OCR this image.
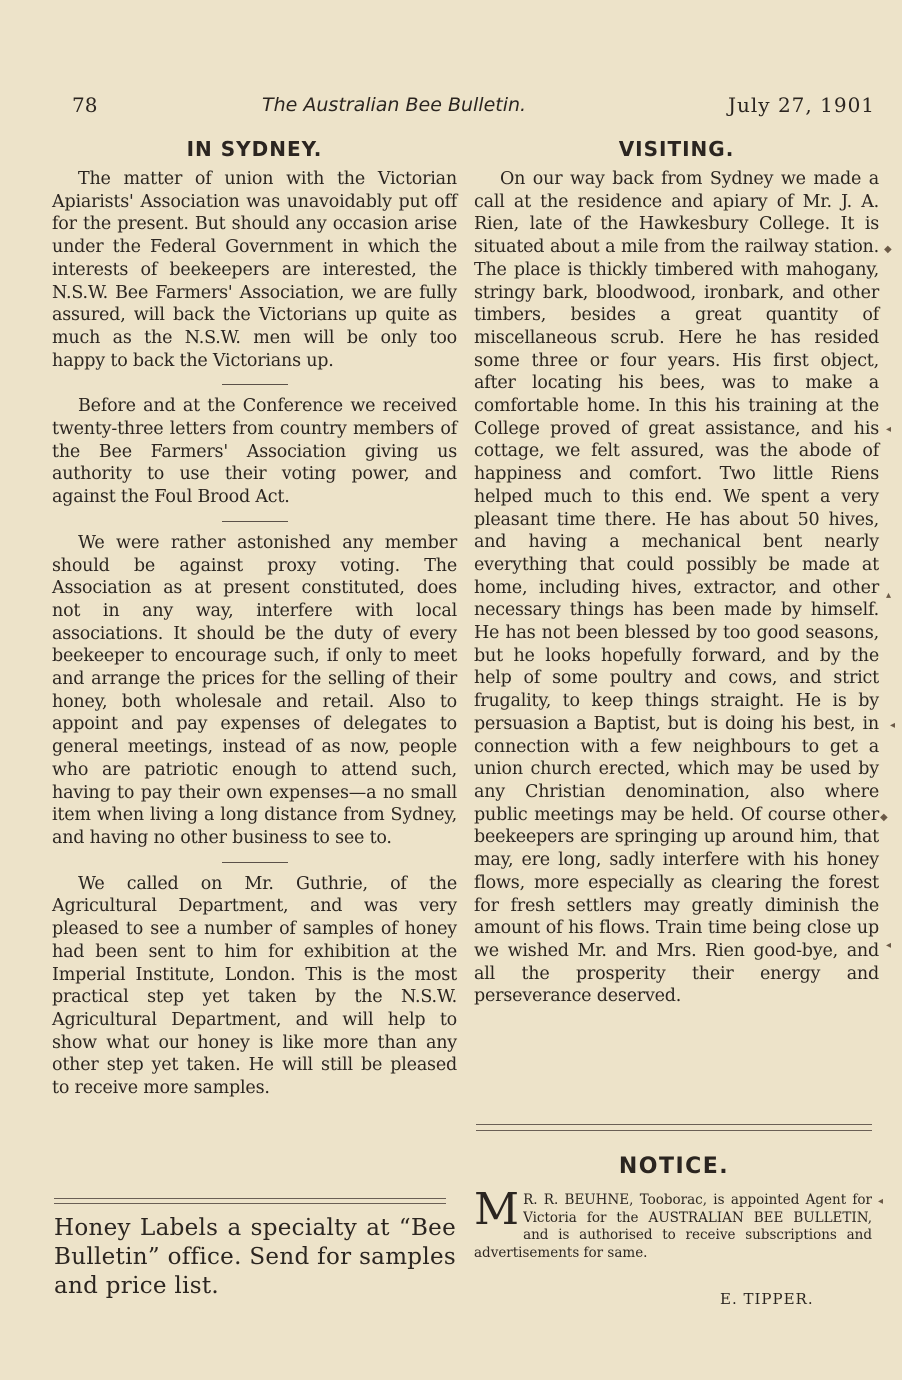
78	The Australian Bee Bulletin.	July 27, 1901
IN SYDNEY.

The matter of union with the Victorian Apiarists' Association was unavoidably put off for the present. But should any occasion arise under the Federal Government in which the interests of beekeepers are interested, the N.S.W. Bee Farmers' Association, we are fully assured, will back the Victorians up quite as much as the N.S.W. men will be only too happy to back the Victorians up.

Before and at the Conference we received twenty-three letters from country members of the Bee Farmers' Association giving us authority to use their voting power, and against the Foul Brood Act.

We were rather astonished any member should be against proxy voting. The Association as at present constituted, does not in any way, interfere with local associations. It should be the duty of every beekeeper to encourage such, if only to meet and arrange the prices for the selling of their honey, both wholesale and retail. Also to appoint and pay expenses of delegates to general meetings, instead of as now, people who are patriotic enough to attend such, having to pay their own expenses—a no small item when living a long distance from Sydney, and having no other business to see to.

We called on Mr. Guthrie, of the Agricultural Department, and was very pleased to see a number of samples of honey had been sent to him for exhibition at the Imperial Institute, London. This is the most practical step yet taken by the N.S.W. Agricultural Department, and will help to show what our honey is like more than any other step yet taken. He will still be pleased to receive more samples.

Honey Labels a specialty at “Bee Bulletin” office. Send for samples and price list.

VISITING.

On our way back from Sydney we made a call at the residence and apiary of Mr. J. A. Rien, late of the Hawkesbury College. It is situated about a mile from the railway station. The place is thickly timbered with mahogany, stringy bark, bloodwood, ironbark, and other timbers, besides a great quantity of miscellaneous scrub. Here he has resided some three or four years. His first object, after locating his bees, was to make a comfortable home. In this his training at the College proved of great assistance, and his cottage, we felt assured, was the abode of happiness and comfort. Two little Riens helped much to this end. We spent a very pleasant time there. He has about 50 hives, and having a mechanical bent nearly everything that could possibly be made at home, including hives, extractor, and other necessary things has been made by himself. He has not been blessed by too good seasons, but he looks hopefully forward, and by the help of some poultry and cows, and strict frugality, to keep things straight. He is by persuasion a Baptist, but is doing his best, in connection with a few neighbours to get a union church erected, which may be used by any Christian denomination, also where public meetings may be held. Of course other beekeepers are springing up around him, that may, ere long, sadly interfere with his honey flows, more especially as clearing the forest for fresh settlers may greatly diminish the amount of his flows. Train time being close up we wished Mr. and Mrs. Rien good-bye, and all the prosperity their energy and perseverance deserved.

NOTICE.

M R. R. BEUHNE, Tooborac, is appointed Agent for Victoria for the AUSTRALIAN BEE BULLETIN, and is authorised to receive subscriptions and advertisements for same.

E. TIPPER.
◆
◂
▴
◂
◆
◂
◂
